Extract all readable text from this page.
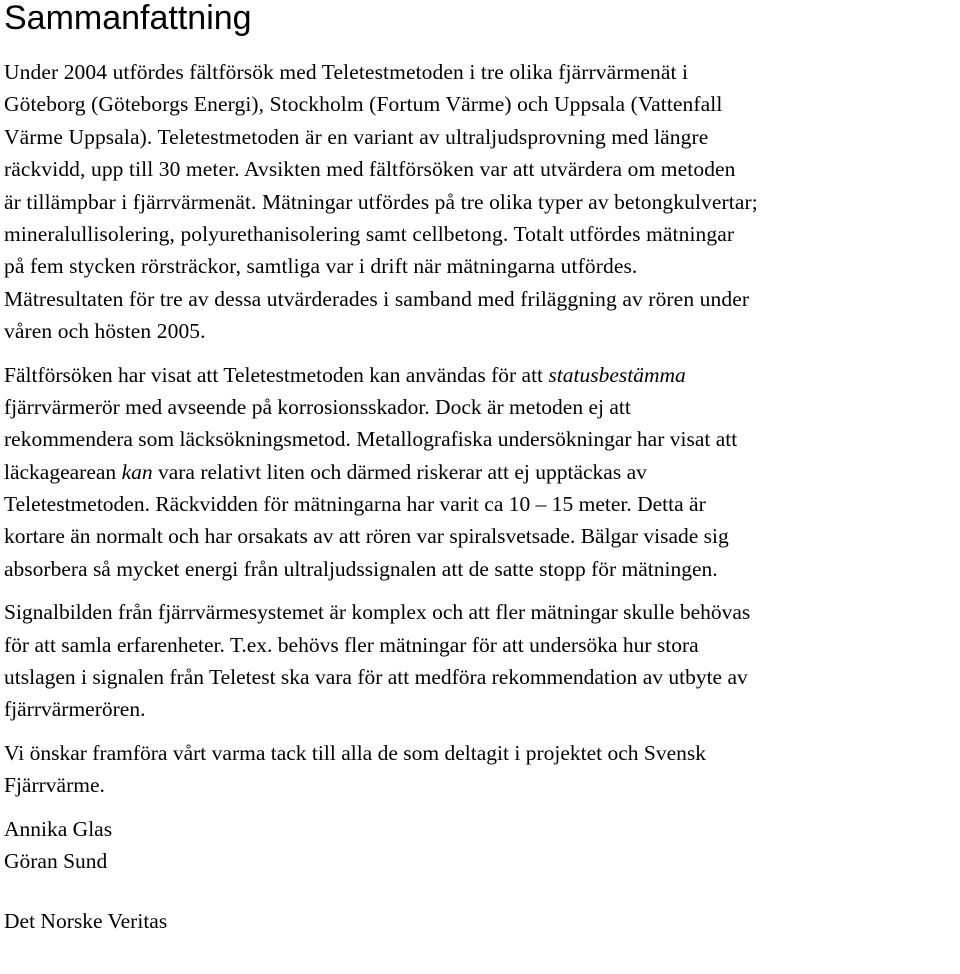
Sammanfattning
Under 2004 utfördes fältförsök med Teletestmetoden i tre olika fjärrvärmenät i
Göteborg (Göteborgs Energi), Stockholm (Fortum Värme) och Uppsala (Vattenfall
Värme Uppsala). Teletestmetoden är en variant av ultraljudsprovning med längre
räckvidd, upp till 30 meter. Avsikten med fältförsöken var att utvärdera om metoden
är tillämpbar i fjärrvärmenät. Mätningar utfördes på tre olika typer av betongkulvertar;
mineralullisolering, polyurethanisolering samt cellbetong. Totalt utfördes mätningar
på fem stycken rörsträckor, samtliga var i drift när mätningarna utfördes.
Mätresultaten för tre av dessa utvärderades i samband med friläggning av rören under
våren och hösten 2005.
Fältförsöken har visat att Teletestmetoden kan användas för att statusbestämma
fjärrvärmerör med avseende på korrosionsskador. Dock är metoden ej att
rekommendera som läcksökningsmetod. Metallografiska undersökningar har visat att
läckagearean kan vara relativt liten och därmed riskerar att ej upptäckas av
Teletestmetoden. Räckvidden för mätningarna har varit ca 10 – 15 meter. Detta är
kortare än normalt och har orsakats av att rören var spiralsvetsade. Bälgar visade sig
absorbera så mycket energi från ultraljudssignalen att de satte stopp för mätningen.
Signalbilden från fjärrvärmesystemet är komplex och att fler mätningar skulle behövas
för att samla erfarenheter. T.ex. behövs fler mätningar för att undersöka hur stora
utslagen i signalen från Teletest ska vara för att medföra rekommendation av utbyte av
fjärrvärmerören.
Vi önskar framföra vårt varma tack till alla de som deltagit i projektet och Svensk
Fjärrvärme.
Annika Glas
Göran Sund
Det Norske Veritas
